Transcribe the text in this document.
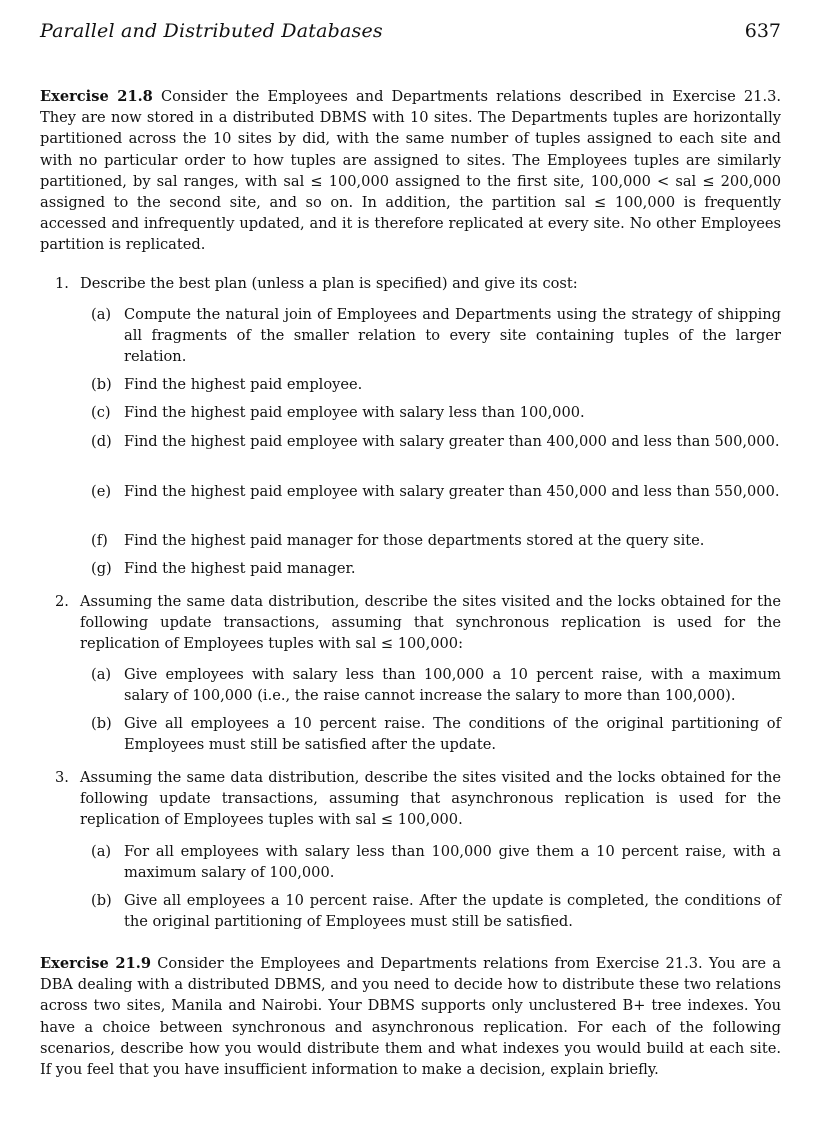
Parallel and Distributed Databases	637

Exercise 21.8 Consider the Employees and Departments relations described in Exercise 21.3. They are now stored in a distributed DBMS with 10 sites. The Departments tuples are horizontally partitioned across the 10 sites by did, with the same number of tuples assigned to each site and with no particular order to how tuples are assigned to sites. The Employees tuples are similarly partitioned, by sal ranges, with sal ≤ 100,000 assigned to the first site, 100,000 < sal ≤ 200,000 assigned to the second site, and so on. In addition, the partition sal ≤ 100,000 is frequently accessed and infrequently updated, and it is therefore replicated at every site. No other Employees partition is replicated.

1. Describe the best plan (unless a plan is specified) and give its cost:

(a) Compute the natural join of Employees and Departments using the strategy of shipping all fragments of the smaller relation to every site containing tuples of the larger relation.

(b) Find the highest paid employee.

(c) Find the highest paid employee with salary less than 100,000.

(d) Find the highest paid employee with salary greater than 400,000 and less than 500,000.

(e) Find the highest paid employee with salary greater than 450,000 and less than 550,000.

(f) Find the highest paid manager for those departments stored at the query site.

(g) Find the highest paid manager.

2. Assuming the same data distribution, describe the sites visited and the locks obtained for the following update transactions, assuming that synchronous replication is used for the replication of Employees tuples with sal ≤ 100,000:

(a) Give employees with salary less than 100,000 a 10 percent raise, with a maximum salary of 100,000 (i.e., the raise cannot increase the salary to more than 100,000).

(b) Give all employees a 10 percent raise. The conditions of the original partitioning of Employees must still be satisfied after the update.

3. Assuming the same data distribution, describe the sites visited and the locks obtained for the following update transactions, assuming that asynchronous replication is used for the replication of Employees tuples with sal ≤ 100,000.

(a) For all employees with salary less than 100,000 give them a 10 percent raise, with a maximum salary of 100,000.

(b) Give all employees a 10 percent raise. After the update is completed, the conditions of the original partitioning of Employees must still be satisfied.

Exercise 21.9 Consider the Employees and Departments relations from Exercise 21.3. You are a DBA dealing with a distributed DBMS, and you need to decide how to distribute these two relations across two sites, Manila and Nairobi. Your DBMS supports only unclustered B+ tree indexes. You have a choice between synchronous and asynchronous replication. For each of the following scenarios, describe how you would distribute them and what indexes you would build at each site. If you feel that you have insufficient information to make a decision, explain briefly.
